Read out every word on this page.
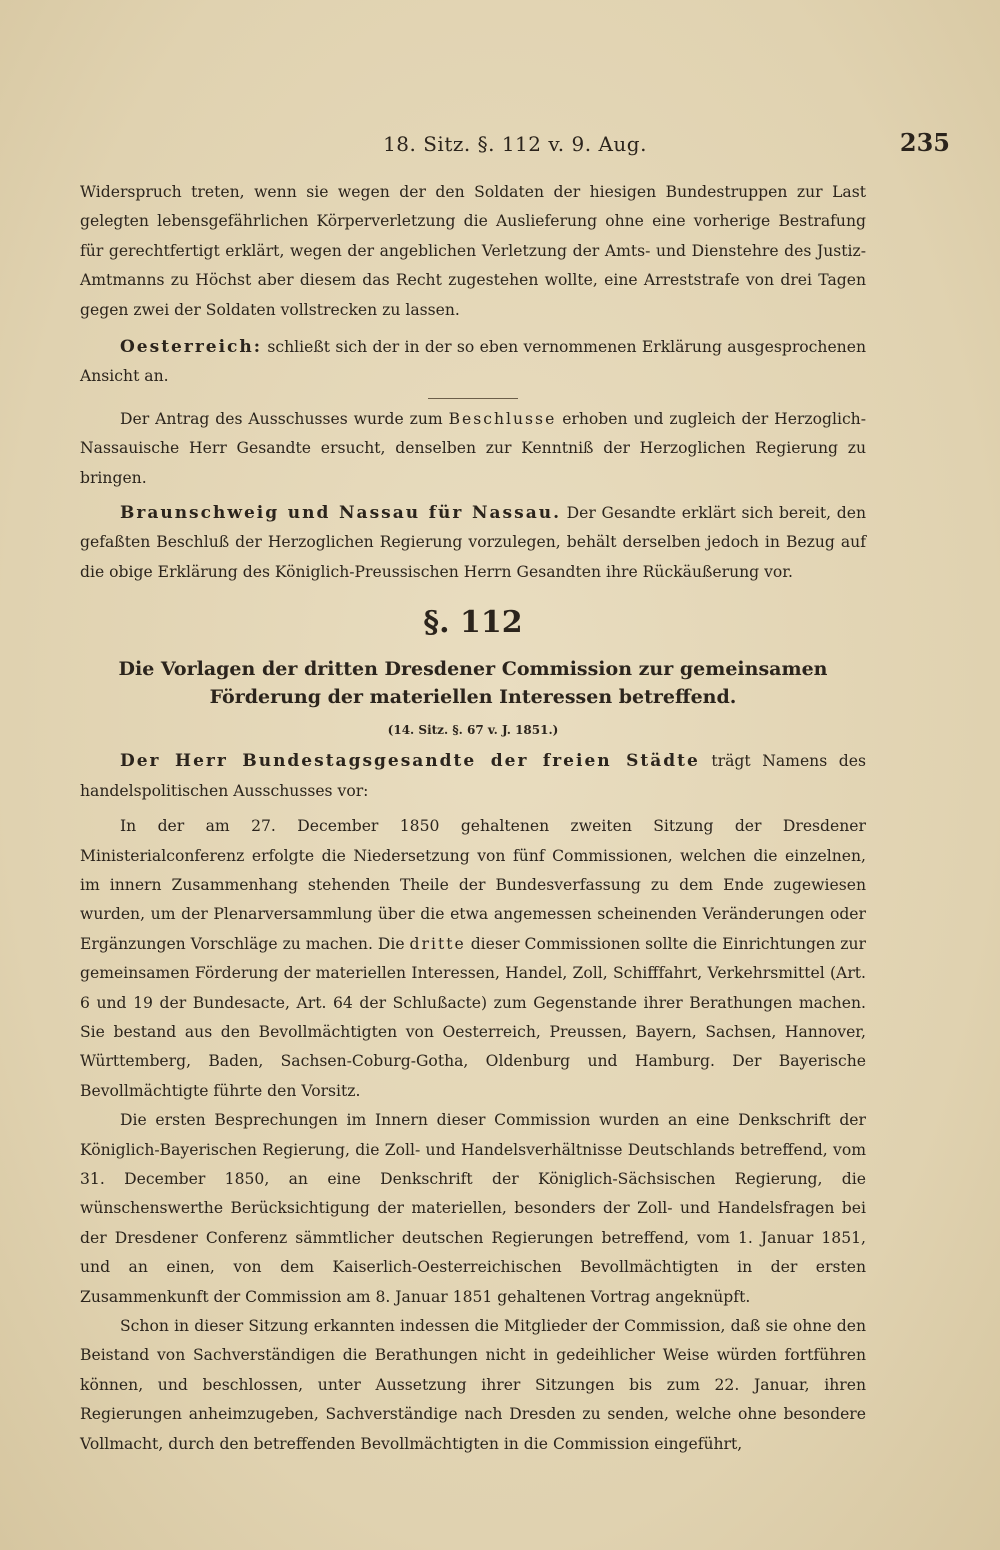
18. Sitz. §. 112 v. 9. Aug.	235

Widerspruch treten, wenn sie wegen der den Soldaten der hiesigen Bundestruppen zur Last gelegten lebensgefährlichen Körperverletzung die Auslieferung ohne eine vorherige Bestrafung für gerechtfertigt erklärt, wegen der angeblichen Verletzung der Amts- und Dienstehre des Justiz-Amtmanns zu Höchst aber diesem das Recht zugestehen wollte, eine Arreststrafe von drei Tagen gegen zwei der Soldaten vollstrecken zu lassen.

Oesterreich: schließt sich der in der so eben vernommenen Erklärung ausgesprochenen Ansicht an.

Der Antrag des Ausschusses wurde zum Beschlusse erhoben und zugleich der Herzoglich-Nassauische Herr Gesandte ersucht, denselben zur Kenntniß der Herzoglichen Regierung zu bringen.

Braunschweig und Nassau für Nassau. Der Gesandte erklärt sich bereit, den gefaßten Beschluß der Herzoglichen Regierung vorzulegen, behält derselben jedoch in Bezug auf die obige Erklärung des Königlich-Preussischen Herrn Gesandten ihre Rückäußerung vor.

§. 112

Die Vorlagen der dritten Dresdener Commission zur gemeinsamen Förderung der materiellen Interessen betreffend.

(14. Sitz. §. 67 v. J. 1851.)

Der Herr Bundestagsgesandte der freien Städte trägt Namens des handelspolitischen Ausschusses vor:

In der am 27. December 1850 gehaltenen zweiten Sitzung der Dresdener Ministerialconferenz erfolgte die Niedersetzung von fünf Commissionen, welchen die einzelnen, im innern Zusammenhang stehenden Theile der Bundesverfassung zu dem Ende zugewiesen wurden, um der Plenarversammlung über die etwa angemessen scheinenden Veränderungen oder Ergänzungen Vorschläge zu machen. Die dritte dieser Commissionen sollte die Einrichtungen zur gemeinsamen Förderung der materiellen Interessen, Handel, Zoll, Schifffahrt, Verkehrsmittel (Art. 6 und 19 der Bundesacte, Art. 64 der Schlußacte) zum Gegenstande ihrer Berathungen machen. Sie bestand aus den Bevollmächtigten von Oesterreich, Preussen, Bayern, Sachsen, Hannover, Württemberg, Baden, Sachsen-Coburg-Gotha, Oldenburg und Hamburg. Der Bayerische Bevollmächtigte führte den Vorsitz.

Die ersten Besprechungen im Innern dieser Commission wurden an eine Denkschrift der Königlich-Bayerischen Regierung, die Zoll- und Handelsverhältnisse Deutschlands betreffend, vom 31. December 1850, an eine Denkschrift der Königlich-Sächsischen Regierung, die wünschenswerthe Berücksichtigung der materiellen, besonders der Zoll- und Handelsfragen bei der Dresdener Conferenz sämmtlicher deutschen Regierungen betreffend, vom 1. Januar 1851, und an einen, von dem Kaiserlich-Oesterreichischen Bevollmächtigten in der ersten Zusammenkunft der Commission am 8. Januar 1851 gehaltenen Vortrag angeknüpft.

Schon in dieser Sitzung erkannten indessen die Mitglieder der Commission, daß sie ohne den Beistand von Sachverständigen die Berathungen nicht in gedeihlicher Weise würden fortführen können, und beschlossen, unter Aussetzung ihrer Sitzungen bis zum 22. Januar, ihren Regierungen anheimzugeben, Sachverständige nach Dresden zu senden, welche ohne besondere Vollmacht, durch den betreffenden Bevollmächtigten in die Commission eingeführt,
